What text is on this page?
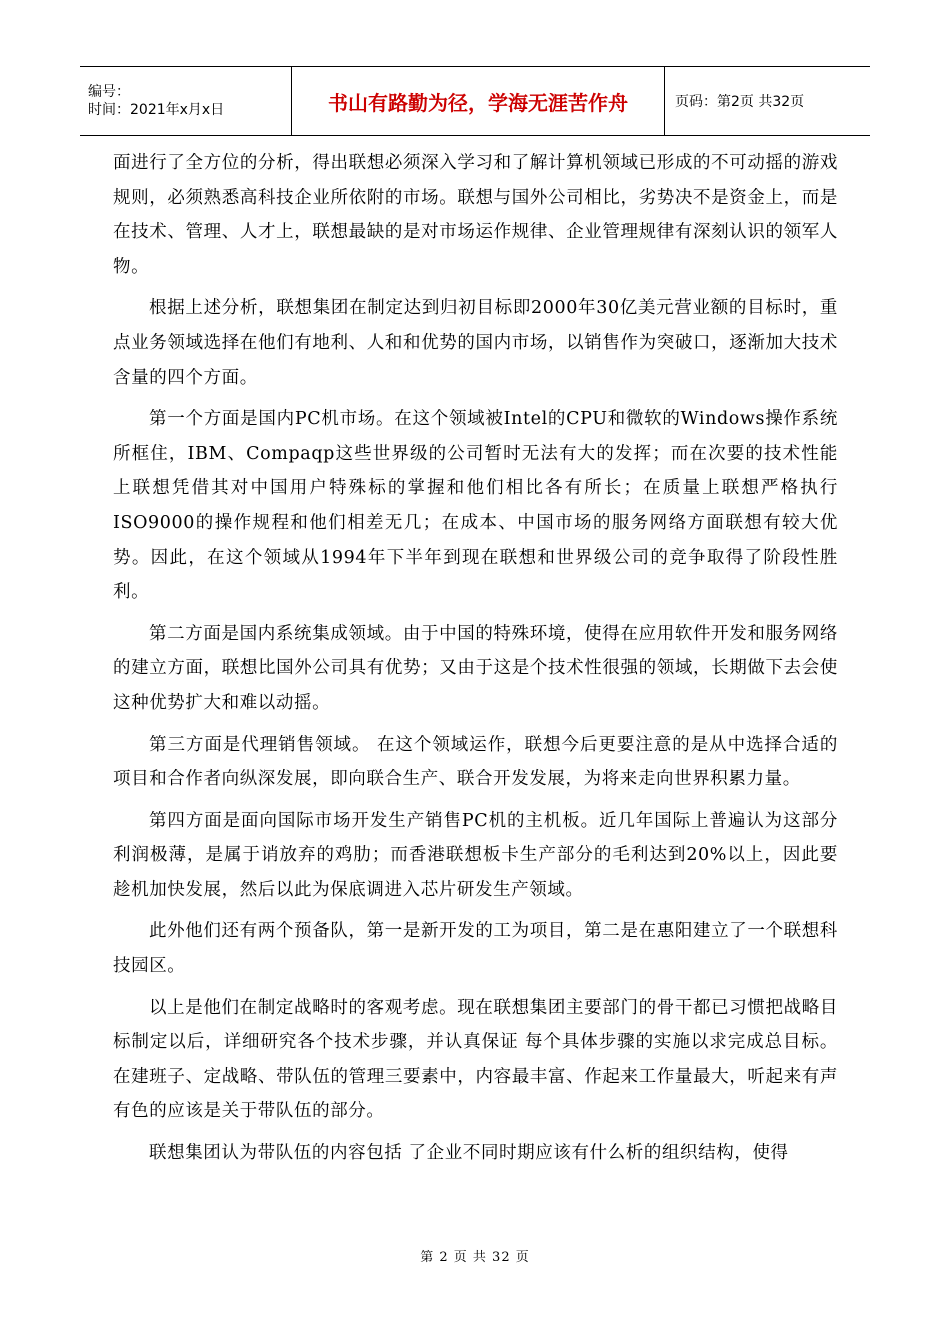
编号：
时间：2021年x月x日	书山有路勤为径，学海无涯苦作舟	页码：第2页 共32页

面进行了全方位的分析，得出联想必须深入学习和了解计算机领域已形成的不可动摇的游戏规则，必须熟悉高科技企业所依附的市场。联想与国外公司相比，劣势决不是资金上，而是在技术、管理、人才上，联想最缺的是对市场运作规律、企业管理规律有深刻认识的领军人物。

根据上述分析，联想集团在制定达到归初目标即2000年30亿美元营业额的目标时，重点业务领域选择在他们有地利、人和和优势的国内市场，以销售作为突破口，逐渐加大技术含量的四个方面。

第一个方面是国内PC机市场。在这个领域被Intel的CPU和微软的Windows操作系统所框住，IBM、Compaqp这些世界级的公司暂时无法有大的发挥；而在次要的技术性能上联想凭借其对中国用户特殊标的掌握和他们相比各有所长；在质量上联想严格执行ISO9000的操作规程和他们相差无几；在成本、中国市场的服务网络方面联想有较大优势。因此，在这个领域从1994年下半年到现在联想和世界级公司的竞争取得了阶段性胜利。

第二方面是国内系统集成领域。由于中国的特殊环境，使得在应用软件开发和服务网络的建立方面，联想比国外公司具有优势；又由于这是个技术性很强的领域，长期做下去会使这种优势扩大和难以动摇。

第三方面是代理销售领域。 在这个领域运作，联想今后更要注意的是从中选择合适的项目和合作者向纵深发展，即向联合生产、联合开发发展，为将来走向世界积累力量。

第四方面是面向国际市场开发生产销售PC机的主机板。近几年国际上普遍认为这部分利润极薄，是属于诮放弃的鸡肋；而香港联想板卡生产部分的毛利达到20%以上，因此要趁机加快发展，然后以此为保底调进入芯片研发生产领域。

此外他们还有两个预备队，第一是新开发的工为项目，第二是在惠阳建立了一个联想科技园区。

以上是他们在制定战略时的客观考虑。现在联想集团主要部门的骨干都已习惯把战略目标制定以后，详细研究各个技术步骤，并认真保证 每个具体步骤的实施以求完成总目标。 在建班子、定战略、带队伍的管理三要素中，内容最丰富、作起来工作量最大，听起来有声有色的应该是关于带队伍的部分。

联想集团认为带队伍的内容包括 了企业不同时期应该有什么析的组织结构，使得

第 2 页 共 32 页
